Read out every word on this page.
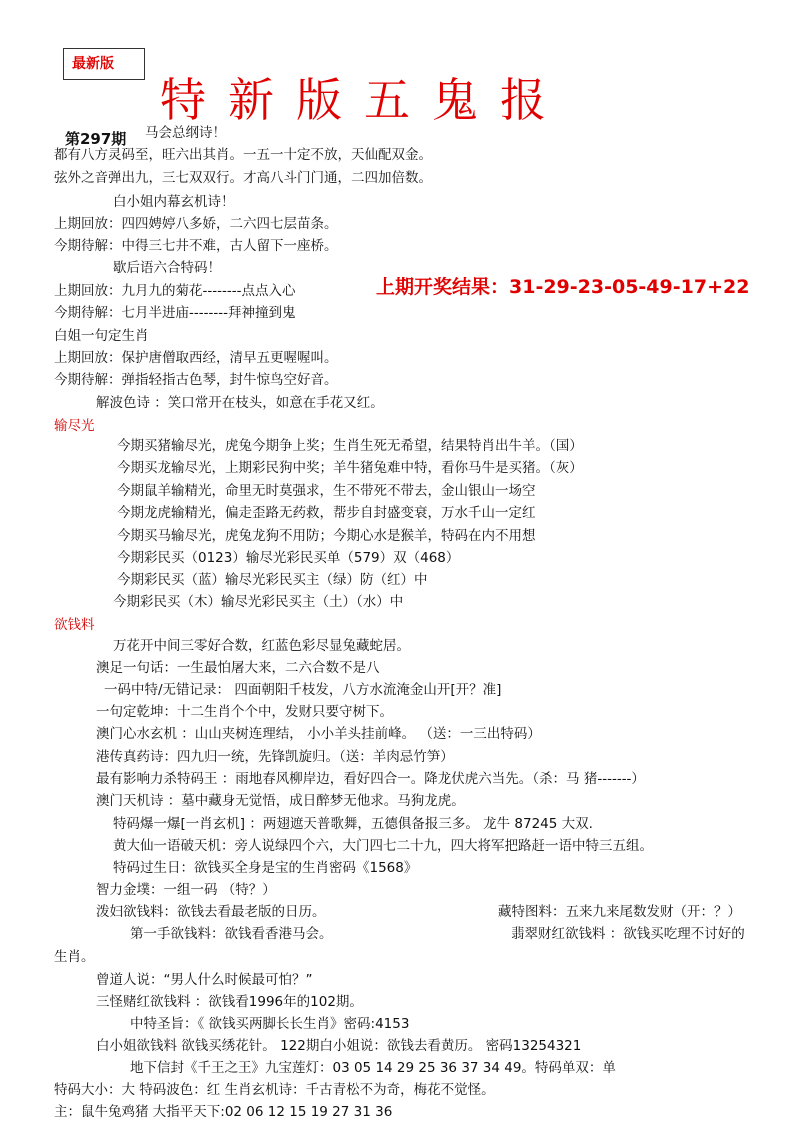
最新版
特新版五鬼报
第297期
上期开奖结果：31-29-23-05-49-17+22
马会总纲诗！
都有八方灵码至，旺六出其肖。一五一十定不放，天仙配双金。
弦外之音弹出九，三七双双行。才高八斗门门通，二四加倍数。
白小姐内幕玄机诗！
上期回放：四四娉婷八多娇，二六四七层苗条。
今期待解：中得三七井不难，古人留下一座桥。
歇后语六合特码！
上期回放：九月九的菊花--------点点入心
今期待解：七月半进庙--------拜神撞到鬼
白姐一句定生肖
上期回放：保护唐僧取西经，清早五更喔喔叫。
今期待解：弹指轻指古色琴，封牛惊鸟空好音。
解波色诗 ：笑口常开在枝头，如意在手花又红。
输尽光
今期买猪输尽光，虎兔今期争上奖；生肖生死无希望，结果特肖出牛羊。（国）
今期买龙输尽光，上期彩民狗中奖；羊牛猪兔难中特，看你马牛是买猪。（灰）
今期鼠羊输精光，命里无时莫强求，生不带死不带去，金山银山一场空
今期龙虎输精光，偏走歪路无药救，帮步自封盛变衰，万水千山一定红
今期买马输尽光，虎兔龙狗不用防；今期心水是猴羊，特码在内不用想
今期彩民买（0123）输尽光彩民买单（579）双（468）
今期彩民买（蓝）输尽光彩民买主（绿）防（红）中
今期彩民买（木）输尽光彩民买主（土）（水）中
欲钱料
万花开中间三零好合数，红蓝色彩尽显兔藏蛇居。
澳足一句话：一生最怕屠大来，二六合数不是八
一码中特/无错记录： 四面朝阳千枝发，八方水流淹金山开[开？准]
一句定乾坤：十二生肖个个中，发财只要守树下。
澳门心水玄机 ：山山夹树连理结， 小小羊头挂前峰。 （送：一三出特码）
港传真药诗：四九归一统，先锋凯旋归。（送：羊肉忌竹笋）
最有影响力杀特码王 ：雨地春风柳岸边，看好四合一。降龙伏虎六当先。（杀：马 猪-------）
澳门天机诗 ：墓中藏身无觉悟，成日醉梦无他求。马狗龙虎。
特码爆一爆[一肖玄机] ：两翅遮天普歌舞，五德俱备报三多。 龙牛 87245 大双.
黄大仙一语破天机：旁人说绿四个六，大门四七二十九，四大将军把路赶一语中特三五组。
特码过生日：欲钱买全身是宝的生肖密码《1568》
智力金墣：一组一码 （特？）
泼妇欲钱料：欲钱去看最老版的日历。	藏特图料：五来九来尾数发财（开：？）
第一手欲钱料：欲钱看香港马会。	翡翠财红欲钱料 ：欲钱买吃理不讨好的
生肖。
曾道人说：“男人什么时候最可怕？”
三怪赌红欲钱料 ：欲钱看1996年的102期。
中特圣旨：《 欲钱买两脚长长生肖》密码:4153
白小姐欲钱料 欲钱买绣花针。 122期白小姐说：欲钱去看黄历。 密码13254321
地下信封《千王之王》九宝莲灯：03 05 14 29 25 36 37 34 49。特码单双：单
特码大小：大 特码波色：红 生肖玄机诗：千古青松不为奇，梅花不觉怪。
主：鼠牛兔鸡猪 大指平天下:02 06 12 15 19 27 31 36
